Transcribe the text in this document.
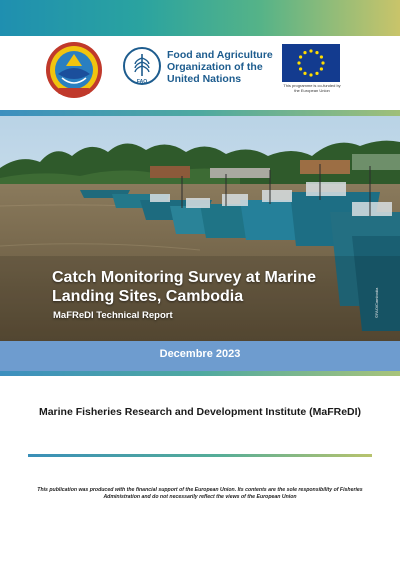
FAO
Food and Agriculture
Organization of the
United Nations
This programme is co-funded by the European Union
Catch Monitoring Survey at Marine
Landing Sites, Cambodia
MaFReDI Technical Report	©FAO/Cambodia
Decembre 2023
Marine Fisheries Research and Development Institute (MaFReDI)
This publication was produced with the financial support of the European Union. Its contents are the sole responsibility of Fisheries Administration and do not necessarily reflect the views of the European Union
